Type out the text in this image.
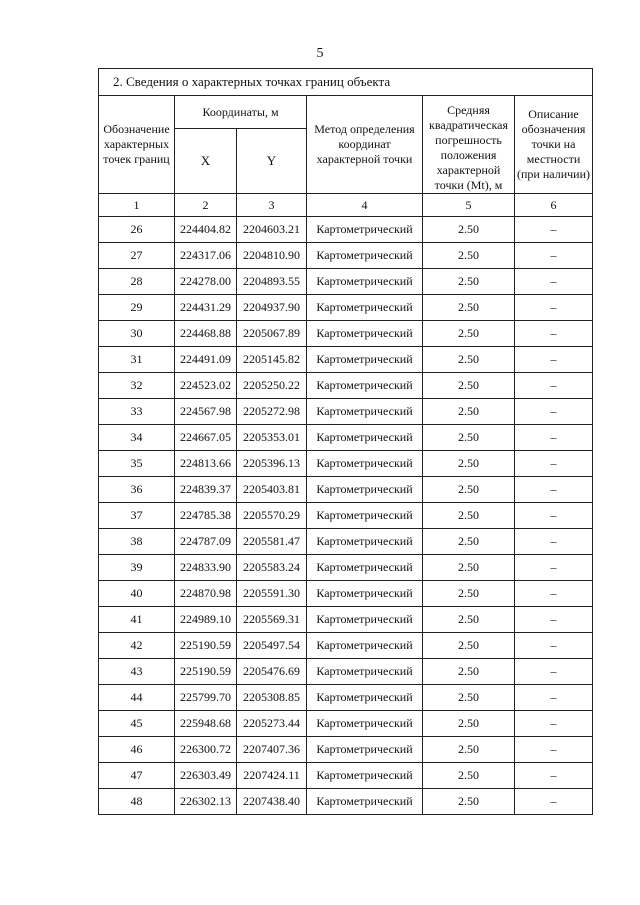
5
2. Сведения о характерных точках границ объекта					
Обозначение характерных точек границ	Координаты, м		Метод определения координат характерной точки	Средняя квадратическая погрешность положения характерной точки (Mt), м	Описание обозначения точки на местности (при наличии)
	X	Y			
1	2	3	4	5	6
26	224404.82	2204603.21	Картометрический	2.50	–
27	224317.06	2204810.90	Картометрический	2.50	–
28	224278.00	2204893.55	Картометрический	2.50	–
29	224431.29	2204937.90	Картометрический	2.50	–
30	224468.88	2205067.89	Картометрический	2.50	–
31	224491.09	2205145.82	Картометрический	2.50	–
32	224523.02	2205250.22	Картометрический	2.50	–
33	224567.98	2205272.98	Картометрический	2.50	–
34	224667.05	2205353.01	Картометрический	2.50	–
35	224813.66	2205396.13	Картометрический	2.50	–
36	224839.37	2205403.81	Картометрический	2.50	–
37	224785.38	2205570.29	Картометрический	2.50	–
38	224787.09	2205581.47	Картометрический	2.50	–
39	224833.90	2205583.24	Картометрический	2.50	–
40	224870.98	2205591.30	Картометрический	2.50	–
41	224989.10	2205569.31	Картометрический	2.50	–
42	225190.59	2205497.54	Картометрический	2.50	–
43	225190.59	2205476.69	Картометрический	2.50	–
44	225799.70	2205308.85	Картометрический	2.50	–
45	225948.68	2205273.44	Картометрический	2.50	–
46	226300.72	2207407.36	Картометрический	2.50	–
47	226303.49	2207424.11	Картометрический	2.50	–
48	226302.13	2207438.40	Картометрический	2.50	–
